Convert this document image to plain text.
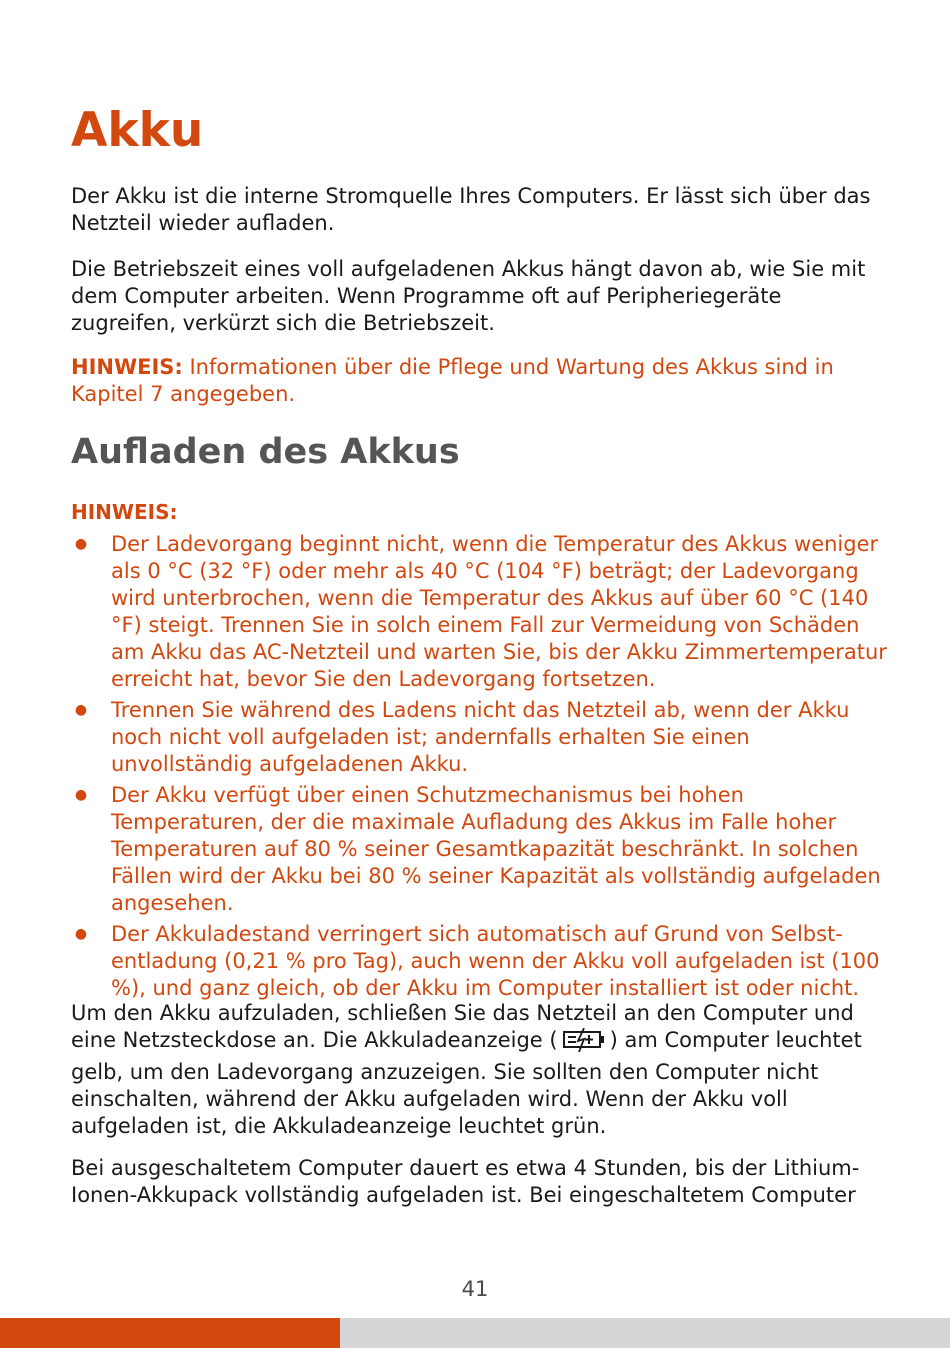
Akku

Der Akku ist die interne Stromquelle Ihres Computers. Er lässt sich über das Netzteil wieder aufladen.

Die Betriebszeit eines voll aufgeladenen Akkus hängt davon ab, wie Sie mit dem Computer arbeiten. Wenn Programme oft auf Peripheriegeräte zugreifen, verkürzt sich die Betriebszeit.

HINWEIS: Informationen über die Pflege und Wartung des Akkus sind in Kapitel 7 angegeben.

Aufladen des Akkus
HINWEIS:
● Der Ladevorgang beginnt nicht, wenn die Temperatur des Akkus weniger als 0 °C (32 °F) oder mehr als 40 °C (104 °F) beträgt; der Ladevorgang wird unterbrochen, wenn die Temperatur des Akkus auf über 60 °C (140 °F) steigt. Trennen Sie in solch einem Fall zur Vermeidung von Schäden am Akku das AC-Netzteil und warten Sie, bis der Akku Zimmertemperatur erreicht hat, bevor Sie den Ladevorgang fortsetzen.
● Trennen Sie während des Ladens nicht das Netzteil ab, wenn der Akku noch nicht voll aufgeladen ist; andernfalls erhalten Sie einen unvollständig aufgeladenen Akku.
● Der Akku verfügt über einen Schutzmechanismus bei hohen Temperaturen, der die maximale Aufladung des Akkus im Falle hoher Temperaturen auf 80 % seiner Gesamtkapazität beschränkt. In solchen Fällen wird der Akku bei 80 % seiner Kapazität als vollständig aufgeladen angesehen.
● Der Akkuladestand verringert sich automatisch auf Grund von Selbst-entladung (0,21 % pro Tag), auch wenn der Akku voll aufgeladen ist (100 %), und ganz gleich, ob der Akku im Computer installiert ist oder nicht.

Um den Akku aufzuladen, schließen Sie das Netzteil an den Computer und eine Netzsteckdose an. Die Akkuladeanzeige ( ) am Computer leuchtet gelb, um den Ladevorgang anzuzeigen. Sie sollten den Computer nicht einschalten, während der Akku aufgeladen wird. Wenn der Akku voll aufgeladen ist, die Akkuladeanzeige leuchtet grün.

Bei ausgeschaltetem Computer dauert es etwa 4 Stunden, bis der Lithium-Ionen-Akkupack vollständig aufgeladen ist. Bei eingeschaltetem Computer

41
